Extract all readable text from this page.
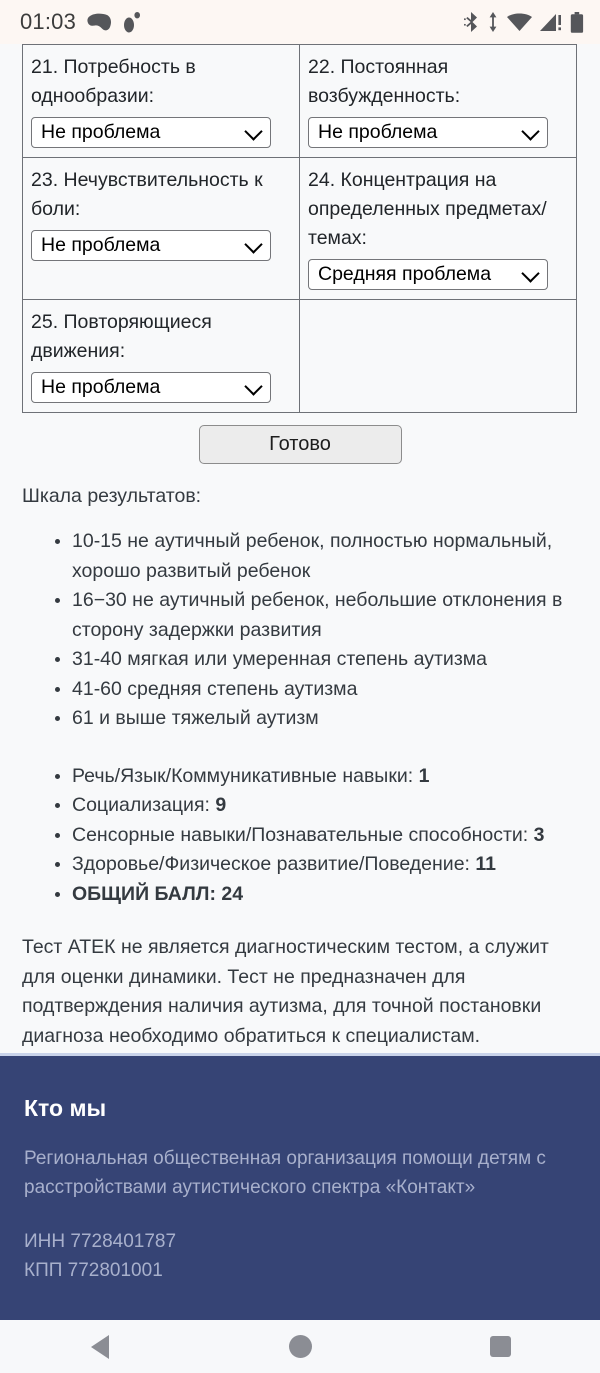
01:03
21. Потребность в однообразии:
Не проблема

22. Постоянная возбужденность:
Не проблема

23. Нечувствительность к боли:
Не проблема

24. Концентрация на определенных предметах/темах:
Средняя проблема

25. Повторяющиеся движения:
Не проблема	

Готово
Шкала результатов:
10-15 не аутичный ребенок, полностью нормальный, хорошо развитый ребенок
16−30 не аутичный ребенок, небольшие отклонения в сторону задержки развития
31-40 мягкая или умеренная степень аутизма
41-60 средняя степень аутизма
61 и выше тяжелый аутизм
Речь/Язык/Коммуникативные навыки: 1
Социализация: 9
Сенсорные навыки/Познавательные способности: 3
Здоровье/Физическое развитие/Поведение: 11
ОБЩИЙ БАЛЛ: 24

Тест АТЕК не является диагностическим тестом, а служит для оценки динамики. Тест не предназначен для подтверждения наличия аутизма, для точной постановки диагноза необходимо обратиться к специалистам.

Кто мы

Региональная общественная организация помощи детям с расстройствами аутистического спектра «Контакт»

ИНН 7728401787

КПП 772801001
